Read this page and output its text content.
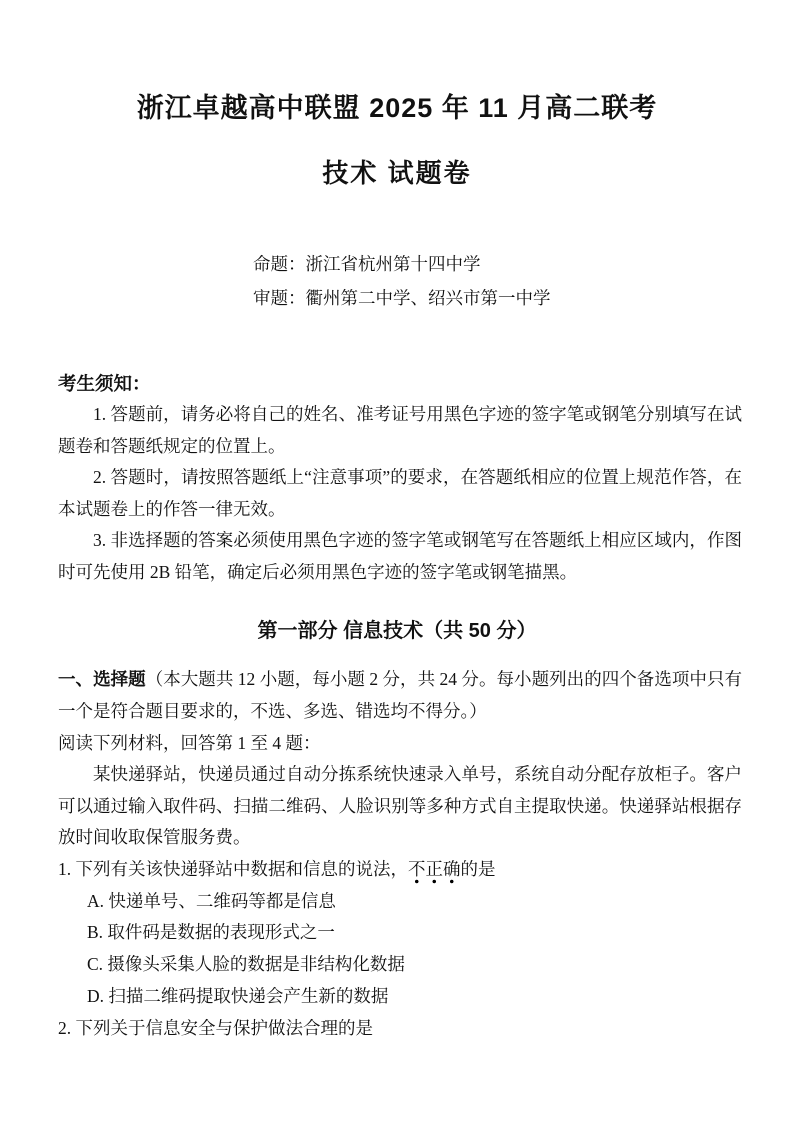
浙江卓越高中联盟 2025 年 11 月高二联考
技术 试题卷
命题：浙江省杭州第十四中学
审题：衢州第二中学、绍兴市第一中学
考生须知：

1. 答题前，请务必将自己的姓名、准考证号用黑色字迹的签字笔或钢笔分别填写在试题卷和答题纸规定的位置上。

2. 答题时，请按照答题纸上“注意事项”的要求，在答题纸相应的位置上规范作答，在本试题卷上的作答一律无效。

3. 非选择题的答案必须使用黑色字迹的签字笔或钢笔写在答题纸上相应区域内，作图时可先使用 2B 铅笔，确定后必须用黑色字迹的签字笔或钢笔描黑。

第一部分 信息技术（共 50 分）

一、选择题（本大题共 12 小题，每小题 2 分，共 24 分。每小题列出的四个备选项中只有一个是符合题目要求的，不选、多选、错选均不得分。）

阅读下列材料，回答第 1 至 4 题：

某快递驿站，快递员通过自动分拣系统快速录入单号，系统自动分配存放柜子。客户可以通过输入取件码、扫描二维码、人脸识别等多种方式自主提取快递。快递驿站根据存放时间收取保管服务费。

1. 下列有关该快递驿站中数据和信息的说法，不正确的是

A. 快递单号、二维码等都是信息
B. 取件码是数据的表现形式之一
C. 摄像头采集人脸的数据是非结构化数据
D. 扫描二维码提取快递会产生新的数据

2. 下列关于信息安全与保护做法合理的是
